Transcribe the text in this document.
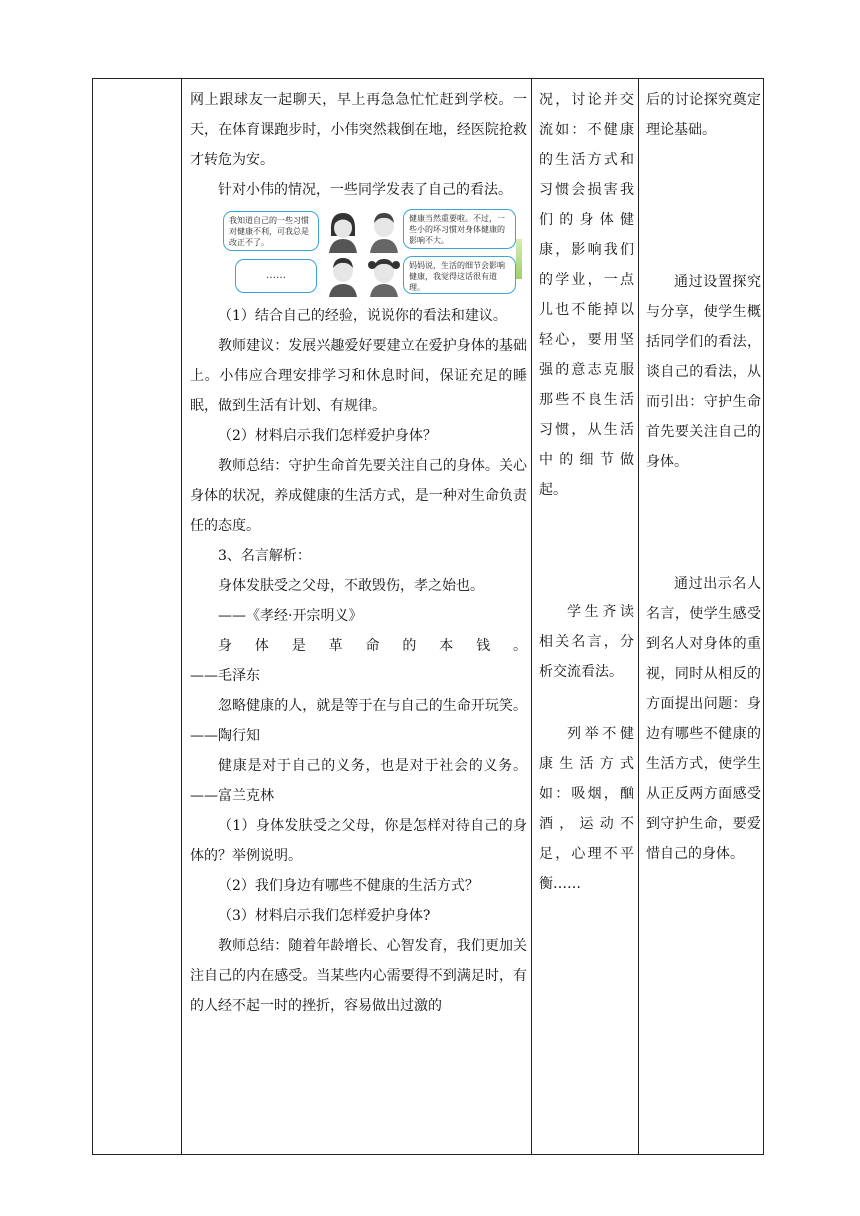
网上跟球友一起聊天，早上再急急忙忙赶到学校。一天，在体育课跑步时，小伟突然栽倒在地，经医院抢救才转危为安。

针对小伟的情况，一些同学发表了自己的看法。

我知道自己的一些习惯对健康不利，可我总是改正不了。
健康当然重要啦。不过，一些小的坏习惯对身体健康的影响不大。
……
妈妈说，生活的细节会影响健康，我觉得这话很有道理。

（1）结合自己的经验，说说你的看法和建议。

教师建议：发展兴趣爱好要建立在爱护身体的基础上。小伟应合理安排学习和休息时间，保证充足的睡眠，做到生活有计划、有规律。

（2）材料启示我们怎样爱护身体？

教师总结：守护生命首先要关注自己的身体。关心身体的状况，养成健康的生活方式，是一种对生命负责任的态度。

3、名言解析：

身体发肤受之父母，不敢毁伤，孝之始也。

——《孝经·开宗明义》

身 体 是 革 命 的 本 钱 。

——毛泽东

忽略健康的人，就是等于在与自己的生命开玩笑。 ——陶行知

健康是对于自己的义务，也是对于社会的义务。 ——富兰克林

（1）身体发肤受之父母，你是怎样对待自己的身体的？举例说明。

（2）我们身边有哪些不健康的生活方式？

（3）材料启示我们怎样爱护身体?

教师总结：随着年龄增长、心智发育，我们更加关注自己的内在感受。当某些内心需要得不到满足时，有的人经不起一时的挫折，容易做出过激的

况，讨论并交流如：不健康的生活方式和习惯会损害我们的身体健康，影响我们的学业，一点儿也不能掉以轻心，要用坚强的意志克服那些不良生活习惯，从生活中的细节做起。

学生齐读相关名言，分析交流看法。

列举不健康生活方式如：吸烟，酗酒，运动不足，心理不平衡……

后的讨论探究奠定理论基础。

通过设置探究与分享，使学生概括同学们的看法，谈自己的看法，从而引出：守护生命首先要关注自己的身体。

通过出示名人名言，使学生感受到名人对身体的重视，同时从相反的方面提出问题：身边有哪些不健康的生活方式，使学生从正反两方面感受到守护生命，要爱惜自己的身体。
